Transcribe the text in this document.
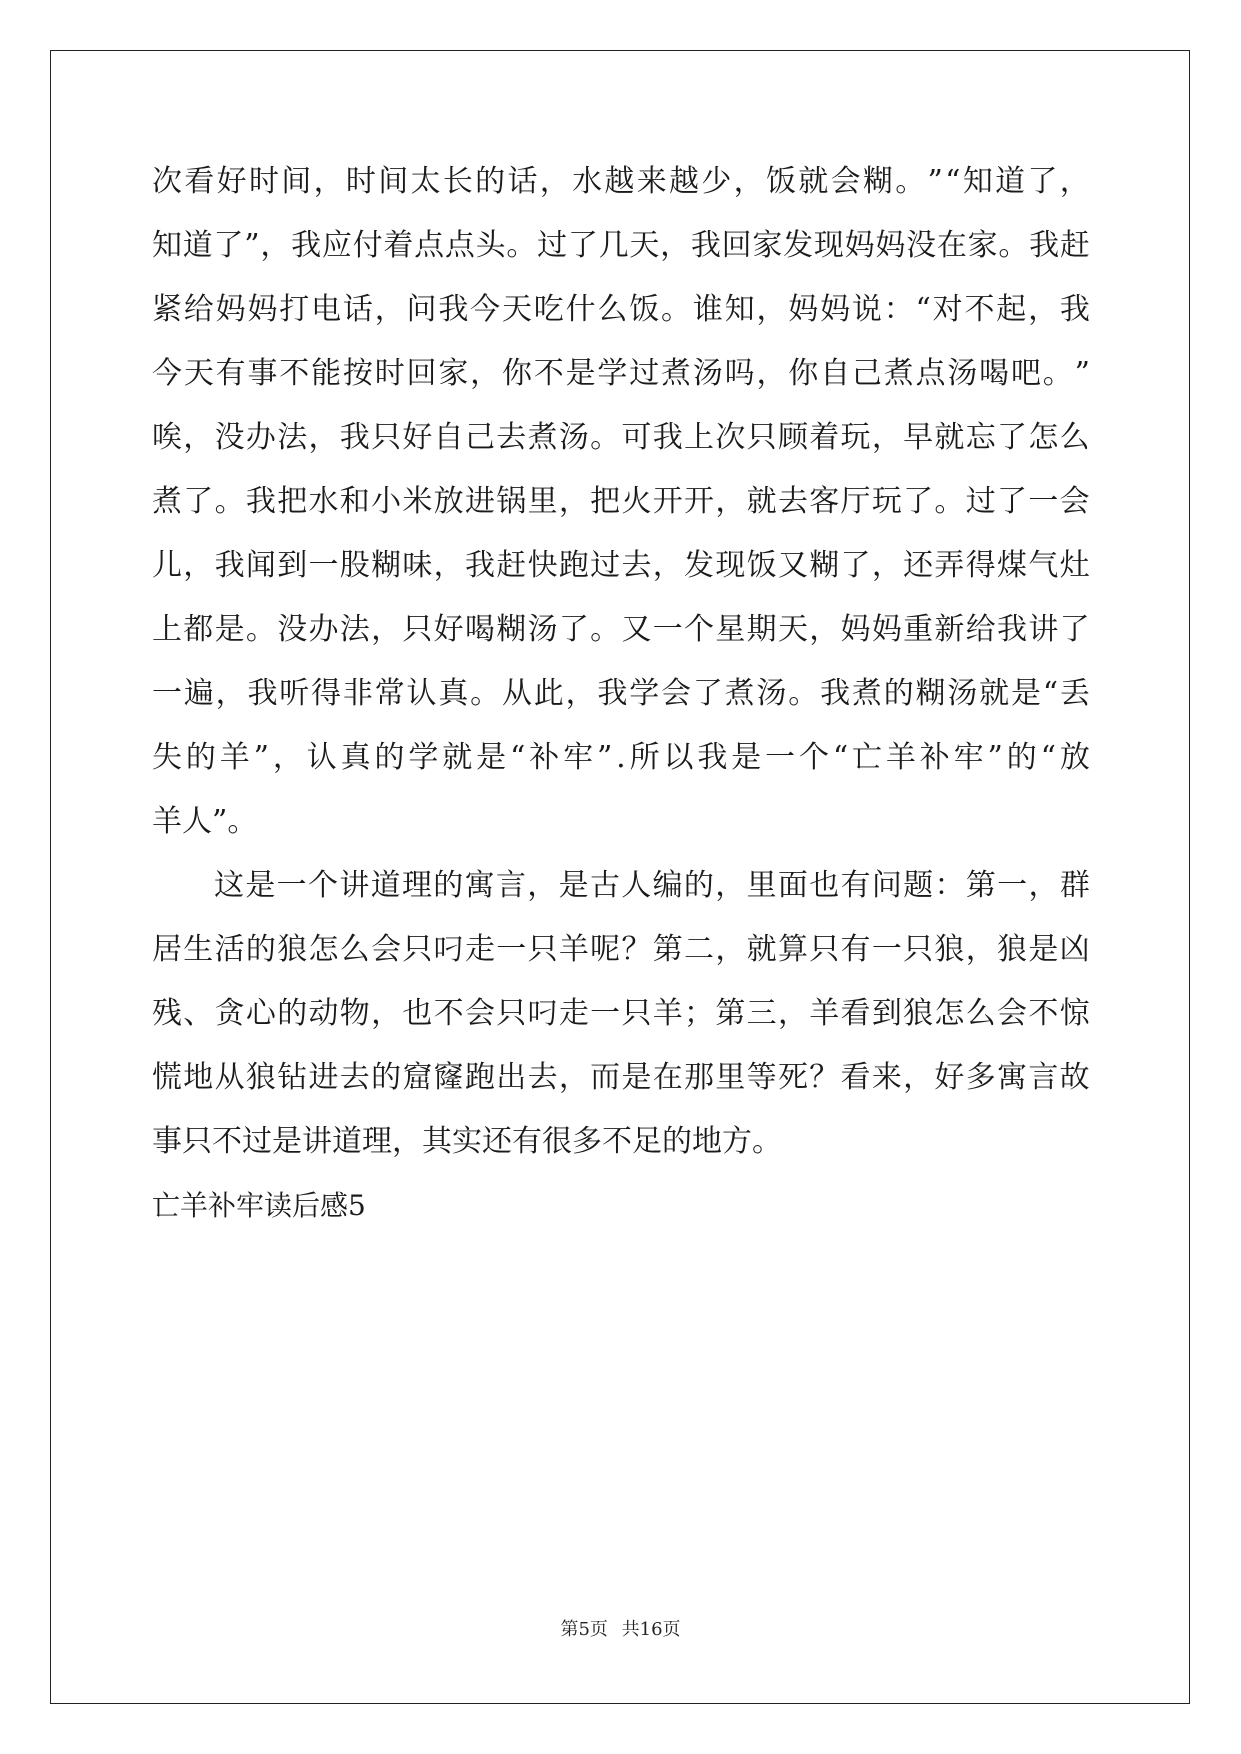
次 看 好 时 间 ， 时 间 太 长 的 话 ， 水 越 来 越 少 ， 饭 就 会 糊 。 ” “ 知 道 了 ，
知 道 了 ” ， 我 应 付 着 点 点 头 。 过 了 几 天 ， 我 回 家 发 现 妈 妈 没 在 家 。 我 赶
紧 给 妈 妈 打 电 话 ， 问 我 今 天 吃 什 么 饭 。 谁 知 ， 妈 妈 说 ： “ 对 不 起 ， 我
今 天 有 事 不 能 按 时 回 家 ， 你 不 是 学 过 煮 汤 吗 ， 你 自 己 煮 点 汤 喝 吧 。 ”
唉 ， 没 办 法 ， 我 只 好 自 己 去 煮 汤 。 可 我 上 次 只 顾 着 玩 ， 早 就 忘 了 怎 么
煮 了 。 我 把 水 和 小 米 放 进 锅 里 ， 把 火 开 开 ， 就 去 客 厅 玩 了 。 过 了 一 会
儿 ， 我 闻 到 一 股 糊 味 ， 我 赶 快 跑 过 去 ， 发 现 饭 又 糊 了 ， 还 弄 得 煤 气 灶
上 都 是 。 没 办 法 ， 只 好 喝 糊 汤 了 。 又 一 个 星 期 天 ， 妈 妈 重 新 给 我 讲 了
一 遍 ， 我 听 得 非 常 认 真 。 从 此 ， 我 学 会 了 煮 汤 。 我 煮 的 糊 汤 就 是 “ 丢
失 的 羊 ” ， 认 真 的 学 就 是 “ 补 牢 ” . 所 以 我 是 一 个 “ 亡 羊 补 牢 ” 的 “ 放
羊人”。
这 是 一 个 讲 道 理 的 寓 言 ， 是 古 人 编 的 ， 里 面 也 有 问 题 ： 第 一 ， 群
居 生 活 的 狼 怎 么 会 只 叼 走 一 只 羊 呢 ？ 第 二 ， 就 算 只 有 一 只 狼 ， 狼 是 凶
残 、 贪 心 的 动 物 ， 也 不 会 只 叼 走 一 只 羊 ； 第 三 ， 羊 看 到 狼 怎 么 会 不 惊
慌 地 从 狼 钻 进 去 的 窟 窿 跑 出 去 ， 而 是 在 那 里 等 死 ？ 看 来 ， 好 多 寓 言 故
事只不过是讲道理，其实还有很多不足的地方。
亡羊补牢读后感5
第5页 共16页
